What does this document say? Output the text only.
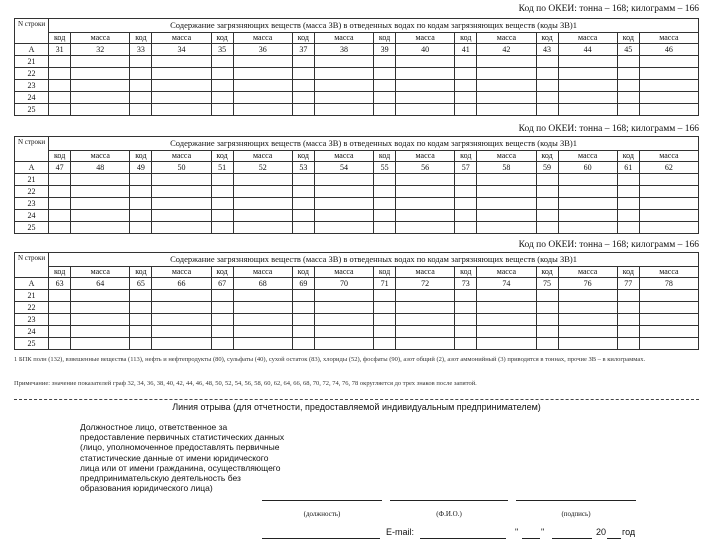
1 БПК полн (132), взвешенные вещества (113), нефть и нефтепродукты (80), сульфаты (40), сухой остаток (83), хлориды (52), фосфаты (90), азот общий (2), азот аммонийный (3) приводятся в тоннах, прочие ЗВ – в килограммах.
Примечание: значение показателей граф 32, 34, 36, 38, 40, 42, 44, 46, 48, 50, 52, 54, 56, 58, 60, 62, 64, 66, 68, 70, 72, 74, 76, 78 округляется до трех знаков после запятой.
Линия отрыва (для отчетности, предоставляемой индивидуальным предпринимателем)
Должностное лицо, ответственное за предоставление первичных статистических данных (лицо, уполномоченное предоставлять первичные статистические данные от имени юридического лица или от имени гражданина, осуществляющего предпринимательскую деятельность без образования юридического лица)
(должность)	(Ф.И.О.)	(подпись)
E-mail:	"	"	20 год
Код по ОКЕИ: тонна – 168; килограмм – 166
N строки	Содержание загрязняющих веществ (масса ЗВ) в отведенных водах по кодам загрязняющих веществ (коды ЗВ)1															
	код	масса	код	масса	код	масса	код	масса	код	масса	код	масса	код	масса	код	масса
А	31	32	33	34	35	36	37	38	39	40	41	42	43	44	45	46
21																
22																
23																
24																
25																
Код по ОКЕИ: тонна – 168; килограмм – 166
N строки	Содержание загрязняющих веществ (масса ЗВ) в отведенных водах по кодам загрязняющих веществ (коды ЗВ)1															
	код	масса	код	масса	код	масса	код	масса	код	масса	код	масса	код	масса	код	масса
А	47	48	49	50	51	52	53	54	55	56	57	58	59	60	61	62
21																
22																
23																
24																
25																
Код по ОКЕИ: тонна – 168; килограмм – 166
N строки	Содержание загрязняющих веществ (масса ЗВ) в отведенных водах по кодам загрязняющих веществ (коды ЗВ)1															
	код	масса	код	масса	код	масса	код	масса	код	масса	код	масса	код	масса	код	масса
А	63	64	65	66	67	68	69	70	71	72	73	74	75	76	77	78
21																
22																
23																
24																
25																
